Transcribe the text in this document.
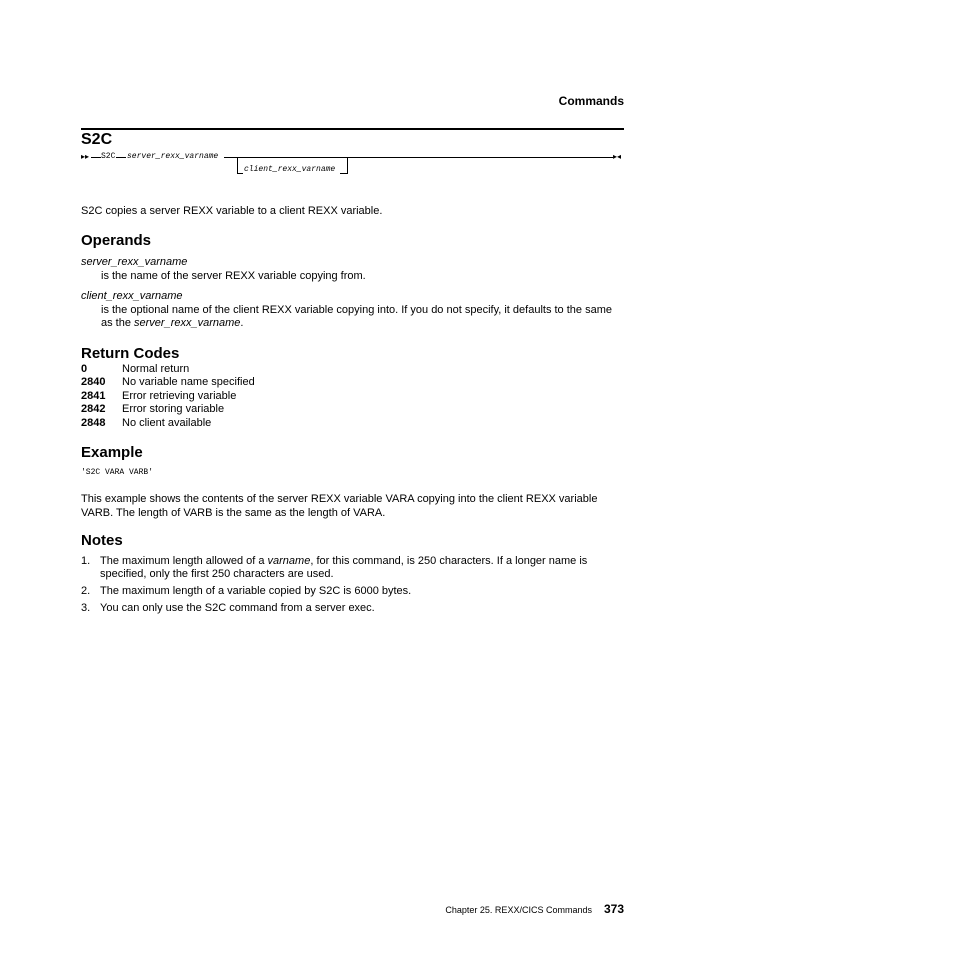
Commands
S2C
▸▸ S2C server_rexx_varname	▸◂
client_rexx_varname
S2C copies a server REXX variable to a client REXX variable.
Operands
server_rexx_varname
is the name of the server REXX variable copying from.
client_rexx_varname
is the optional name of the client REXX variable copying into. If you do not specify, it defaults to the same as the server_rexx_varname.
Return Codes
0	Normal return
2840 No variable name specified
2841 Error retrieving variable
2842 Error storing variable
2848 No client available
Example
'S2C VARA VARB'
This example shows the contents of the server REXX variable VARA copying into the client REXX variable VARB. The length of VARB is the same as the length of VARA.
Notes
1. The maximum length allowed of a varname, for this command, is 250 characters. If a longer name is specified, only the first 250 characters are used.
2. The maximum length of a variable copied by S2C is 6000 bytes.
3. You can only use the S2C command from a server exec.
Chapter 25. REXX/CICS Commands 373
